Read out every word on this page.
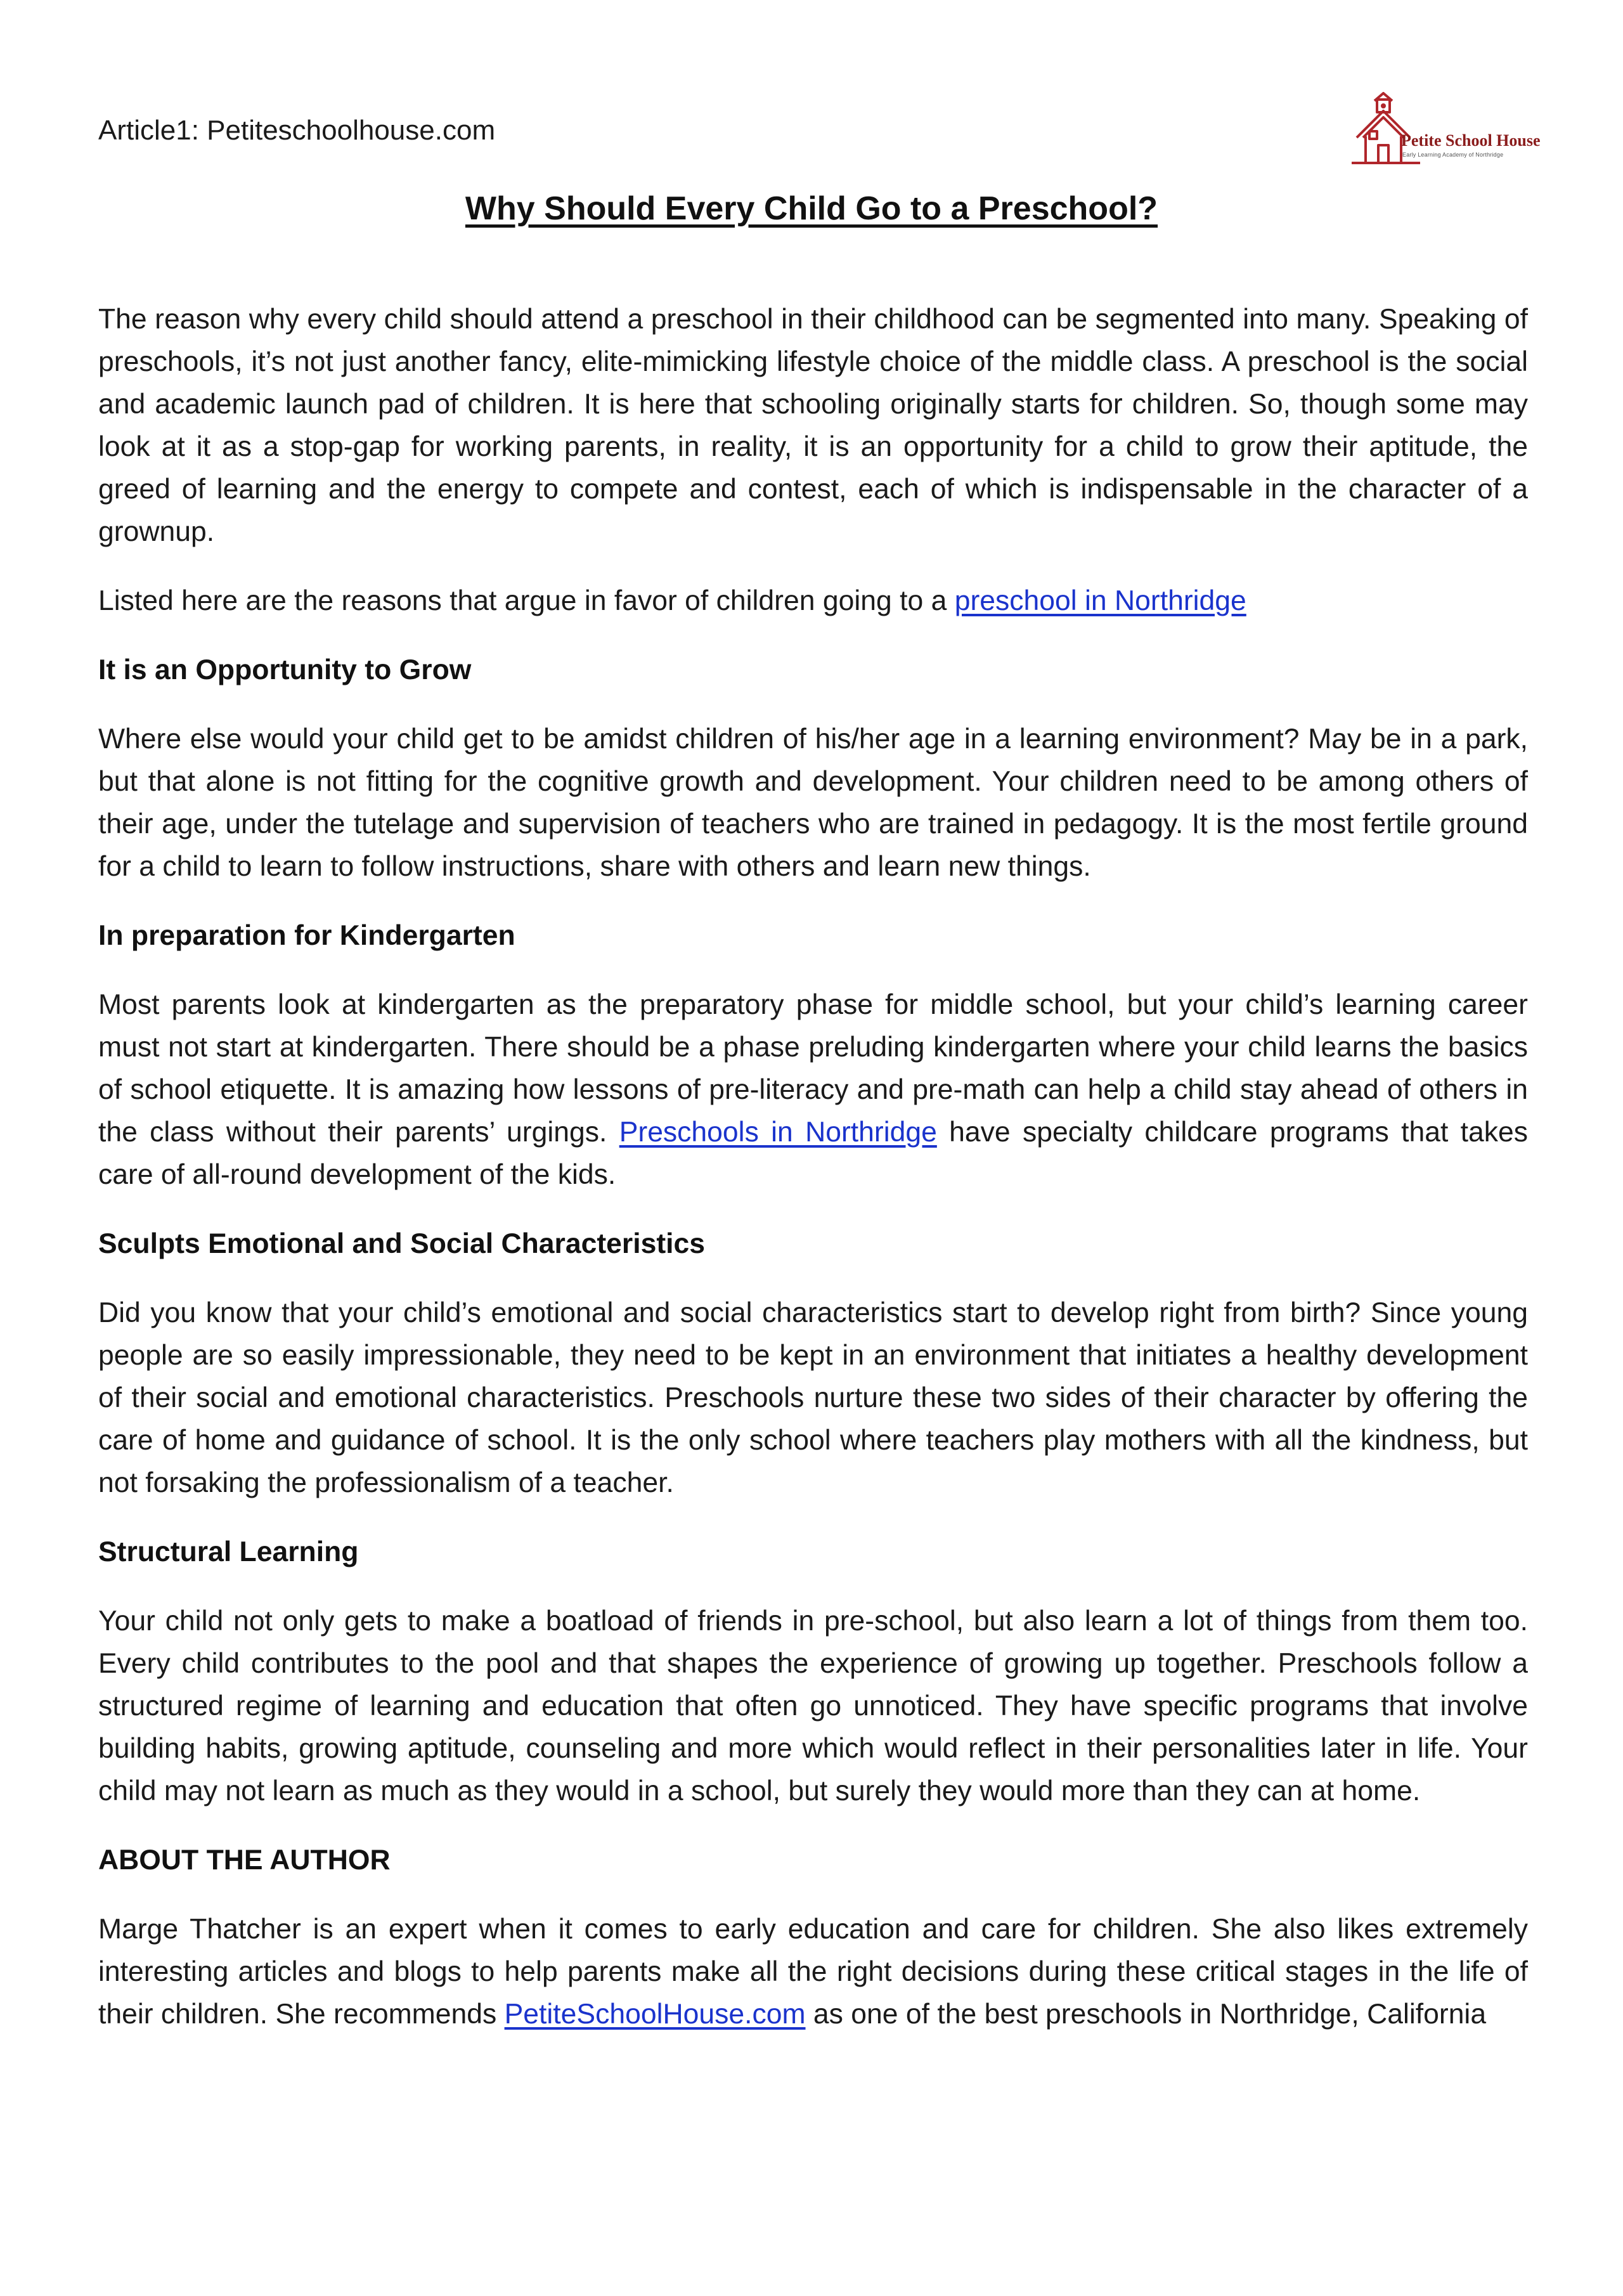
Article1: Petiteschoolhouse.com	Petite School House
Early Learning Academy of Northridge
Why Should Every Child Go to a Preschool?

The reason why every child should attend a preschool in their childhood can be segmented into many. Speaking of preschools, it’s not just another fancy, elite-mimicking lifestyle choice of the middle class. A preschool is the social and academic launch pad of children. It is here that schooling originally starts for children. So, though some may look at it as a stop-gap for working parents, in reality, it is an opportunity for a child to grow their aptitude, the greed of learning and the energy to compete and contest, each of which is indispensable in the character of a grownup.

Listed here are the reasons that argue in favor of children going to a preschool in Northridge

It is an Opportunity to Grow

Where else would your child get to be amidst children of his/her age in a learning environment? May be in a park, but that alone is not fitting for the cognitive growth and development. Your children need to be among others of their age, under the tutelage and supervision of teachers who are trained in pedagogy. It is the most fertile ground for a child to learn to follow instructions, share with others and learn new things.

In preparation for Kindergarten

Most parents look at kindergarten as the preparatory phase for middle school, but your child’s learning career must not start at kindergarten. There should be a phase preluding kindergarten where your child learns the basics of school etiquette. It is amazing how lessons of pre-literacy and pre-math can help a child stay ahead of others in the class without their parents’ urgings. Preschools in Northridge have specialty childcare programs that takes care of all-round development of the kids.

Sculpts Emotional and Social Characteristics

Did you know that your child’s emotional and social characteristics start to develop right from birth? Since young people are so easily impressionable, they need to be kept in an environment that initiates a healthy development of their social and emotional characteristics. Preschools nurture these two sides of their character by offering the care of home and guidance of school. It is the only school where teachers play mothers with all the kindness, but not forsaking the professionalism of a teacher.

Structural Learning

Your child not only gets to make a boatload of friends in pre-school, but also learn a lot of things from them too. Every child contributes to the pool and that shapes the experience of growing up together. Preschools follow a structured regime of learning and education that often go unnoticed. They have specific programs that involve building habits, growing aptitude, counseling and more which would reflect in their personalities later in life. Your child may not learn as much as they would in a school, but surely they would more than they can at home.

ABOUT THE AUTHOR

Marge Thatcher is an expert when it comes to early education and care for children. She also likes extremely interesting articles and blogs to help parents make all the right decisions during these critical stages in the life of their children. She recommends PetiteSchoolHouse.com as one of the best preschools in Northridge, California
